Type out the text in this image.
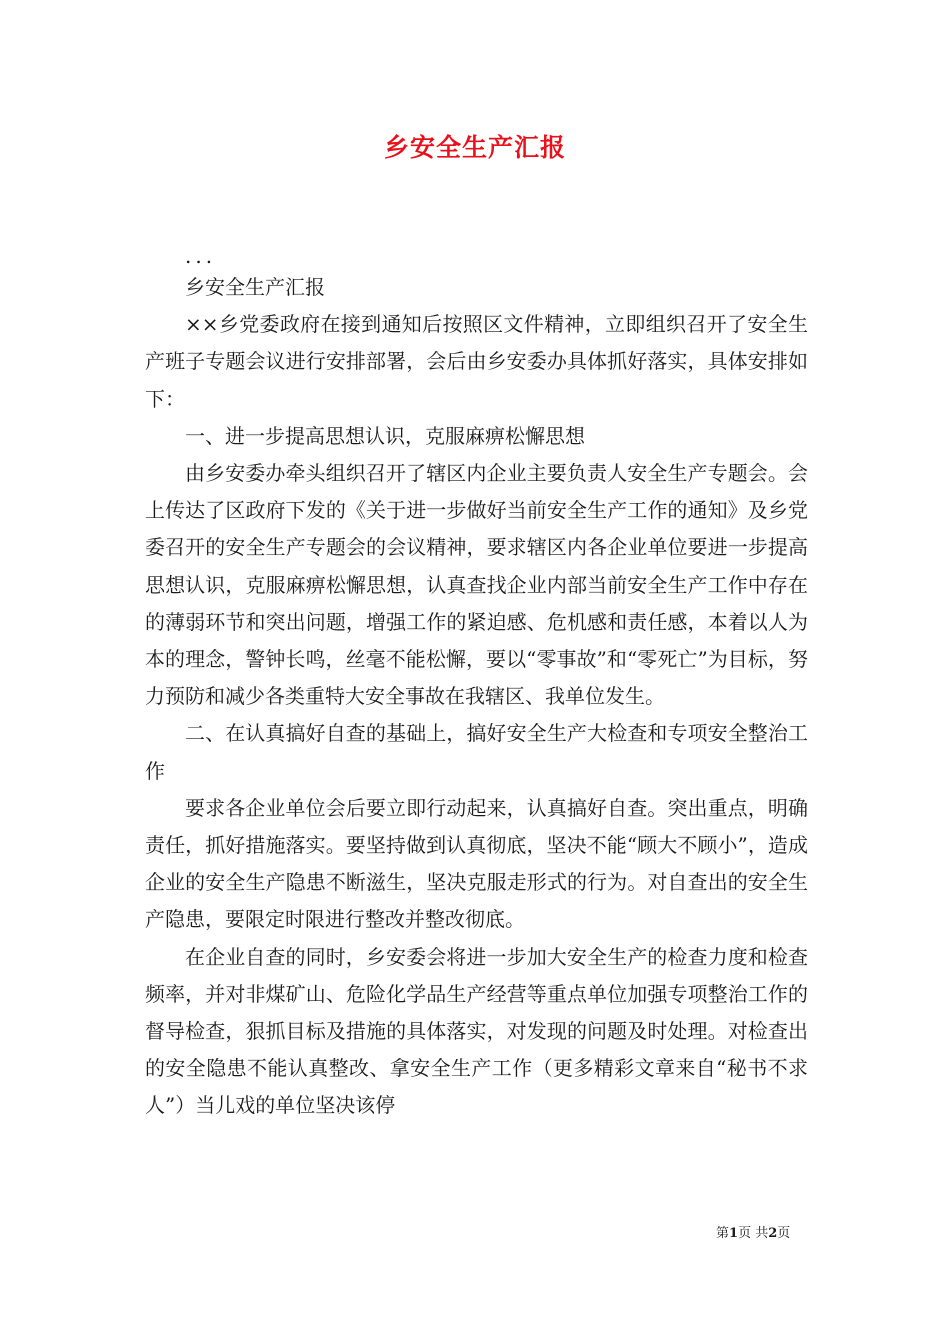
乡安全生产汇报

...

乡安全生产汇报

××乡党委政府在接到通知后按照区文件精神，立即组织召开了安全生产班子专题会议进行安排部署，会后由乡安委办具体抓好落实，具体安排如下：

一、进一步提高思想认识，克服麻痹松懈思想

由乡安委办牵头组织召开了辖区内企业主要负责人安全生产专题会。会上传达了区政府下发的《关于进一步做好当前安全生产工作的通知》及乡党委召开的安全生产专题会的会议精神，要求辖区内各企业单位要进一步提高思想认识，克服麻痹松懈思想，认真查找企业内部当前安全生产工作中存在的薄弱环节和突出问题，增强工作的紧迫感、危机感和责任感，本着以人为本的理念，警钟长鸣，丝毫不能松懈，要以“零事故”和“零死亡”为目标，努力预防和减少各类重特大安全事故在我辖区、我单位发生。

二、在认真搞好自查的基础上，搞好安全生产大检查和专项安全整治工作

要求各企业单位会后要立即行动起来，认真搞好自查。突出重点，明确责任，抓好措施落实。要坚持做到认真彻底，坚决不能“顾大不顾小”，造成企业的安全生产隐患不断滋生，坚决克服走形式的行为。对自查出的安全生产隐患，要限定时限进行整改并整改彻底。

在企业自查的同时，乡安委会将进一步加大安全生产的检查力度和检查频率，并对非煤矿山、危险化学品生产经营等重点单位加强专项整治工作的督导检查，狠抓目标及措施的具体落实，对发现的问题及时处理。对检查出的安全隐患不能认真整改、拿安全生产工作（更多精彩文章来自“秘书不求人”）当儿戏的单位坚决该停

第1页 共2页
